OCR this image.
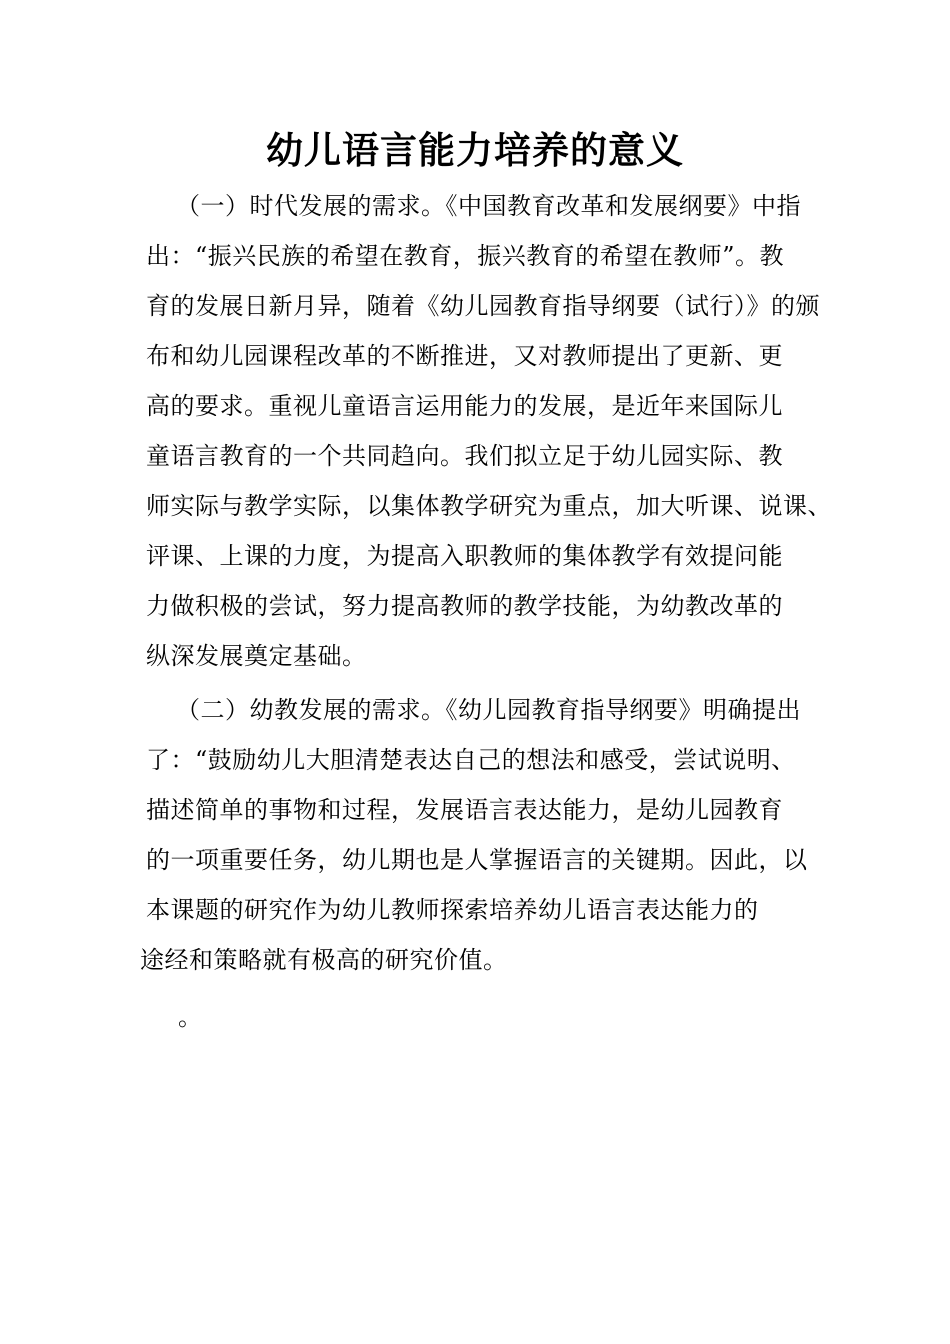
幼儿语言能力培养的意义
（一）时代发展的需求。《中国教育改革和发展纲要》中指
出：“振兴民族的希望在教育，振兴教育的希望在教师”。教
育的发展日新月异，随着《幼儿园教育指导纲要（试行）》的颁
布和幼儿园课程改革的不断推进，又对教师提出了更新、更
高的要求。重视儿童语言运用能力的发展，是近年来国际儿
童语言教育的一个共同趋向。我们拟立足于幼儿园实际、教
师实际与教学实际，以集体教学研究为重点，加大听课、说课、
评课、上课的力度，为提高入职教师的集体教学有效提问能
力做积极的尝试，努力提高教师的教学技能，为幼教改革的
纵深发展奠定基础。
（二）幼教发展的需求。《幼儿园教育指导纲要》明确提出
了：“鼓励幼儿大胆清楚表达自己的想法和感受，尝试说明、
描述简单的事物和过程，发展语言表达能力，是幼儿园教育
的一项重要任务，幼儿期也是人掌握语言的关键期。因此，以
本课题的研究作为幼儿教师探索培养幼儿语言表达能力的
途经和策略就有极高的研究价值。
。
